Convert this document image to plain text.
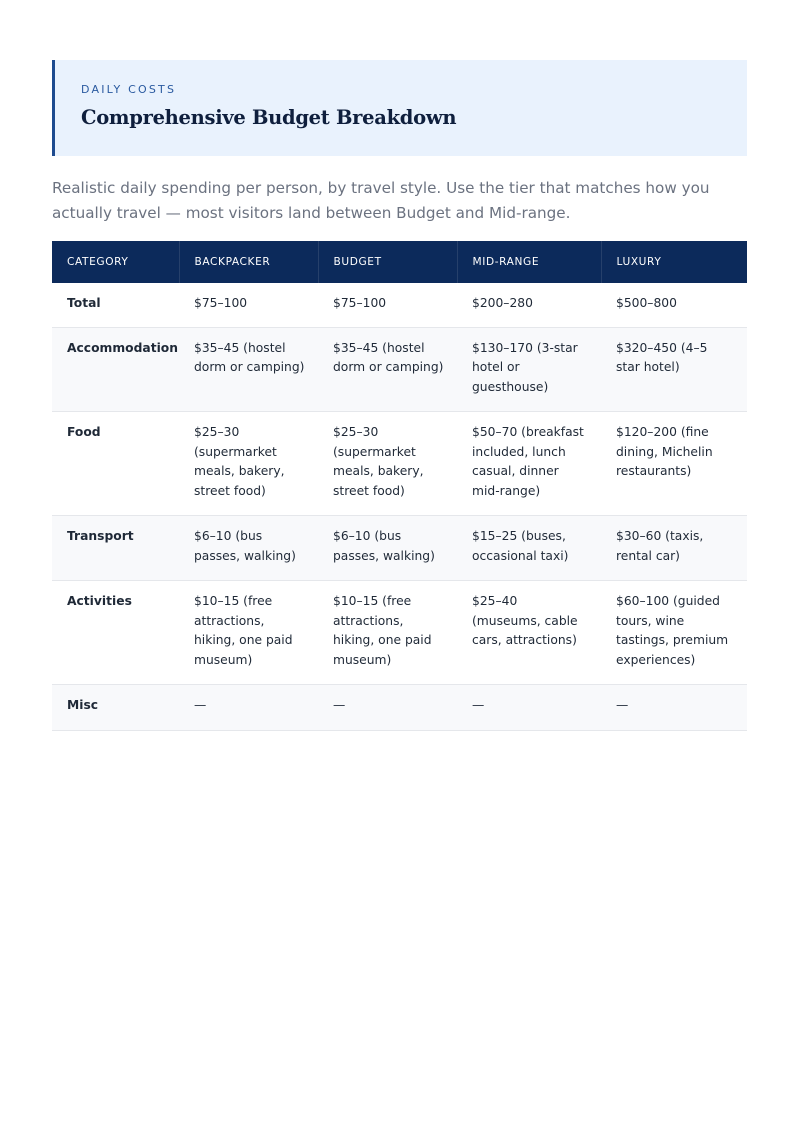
DAILY COSTS
Comprehensive Budget Breakdown

Realistic daily spending per person, by travel style. Use the tier that matches how you actually travel — most visitors land between Budget and Mid-range.

CATEGORY	BACKPACKER	BUDGET	MID-RANGE	LUXURY
Total	$75–100	$75–100	$200–280	$500–800
Accommodation	$35–45 (hostel dorm or camping)	$35–45 (hostel dorm or camping)	$130–170 (3-star hotel or guesthouse)	$320–450 (4–5 star hotel)
Food	$25–30 (supermarket meals, bakery, street food)	$25–30 (supermarket meals, bakery, street food)	$50–70 (breakfast included, lunch casual, dinner mid-range)	$120–200 (fine dining, Michelin restaurants)
Transport	$6–10 (bus passes, walking)	$6–10 (bus passes, walking)	$15–25 (buses, occasional taxi)	$30–60 (taxis, rental car)
Activities	$10–15 (free attractions, hiking, one paid museum)	$10–15 (free attractions, hiking, one paid museum)	$25–40 (museums, cable cars, attractions)	$60–100 (guided tours, wine tastings, premium experiences)
Misc	—	—	—	—
